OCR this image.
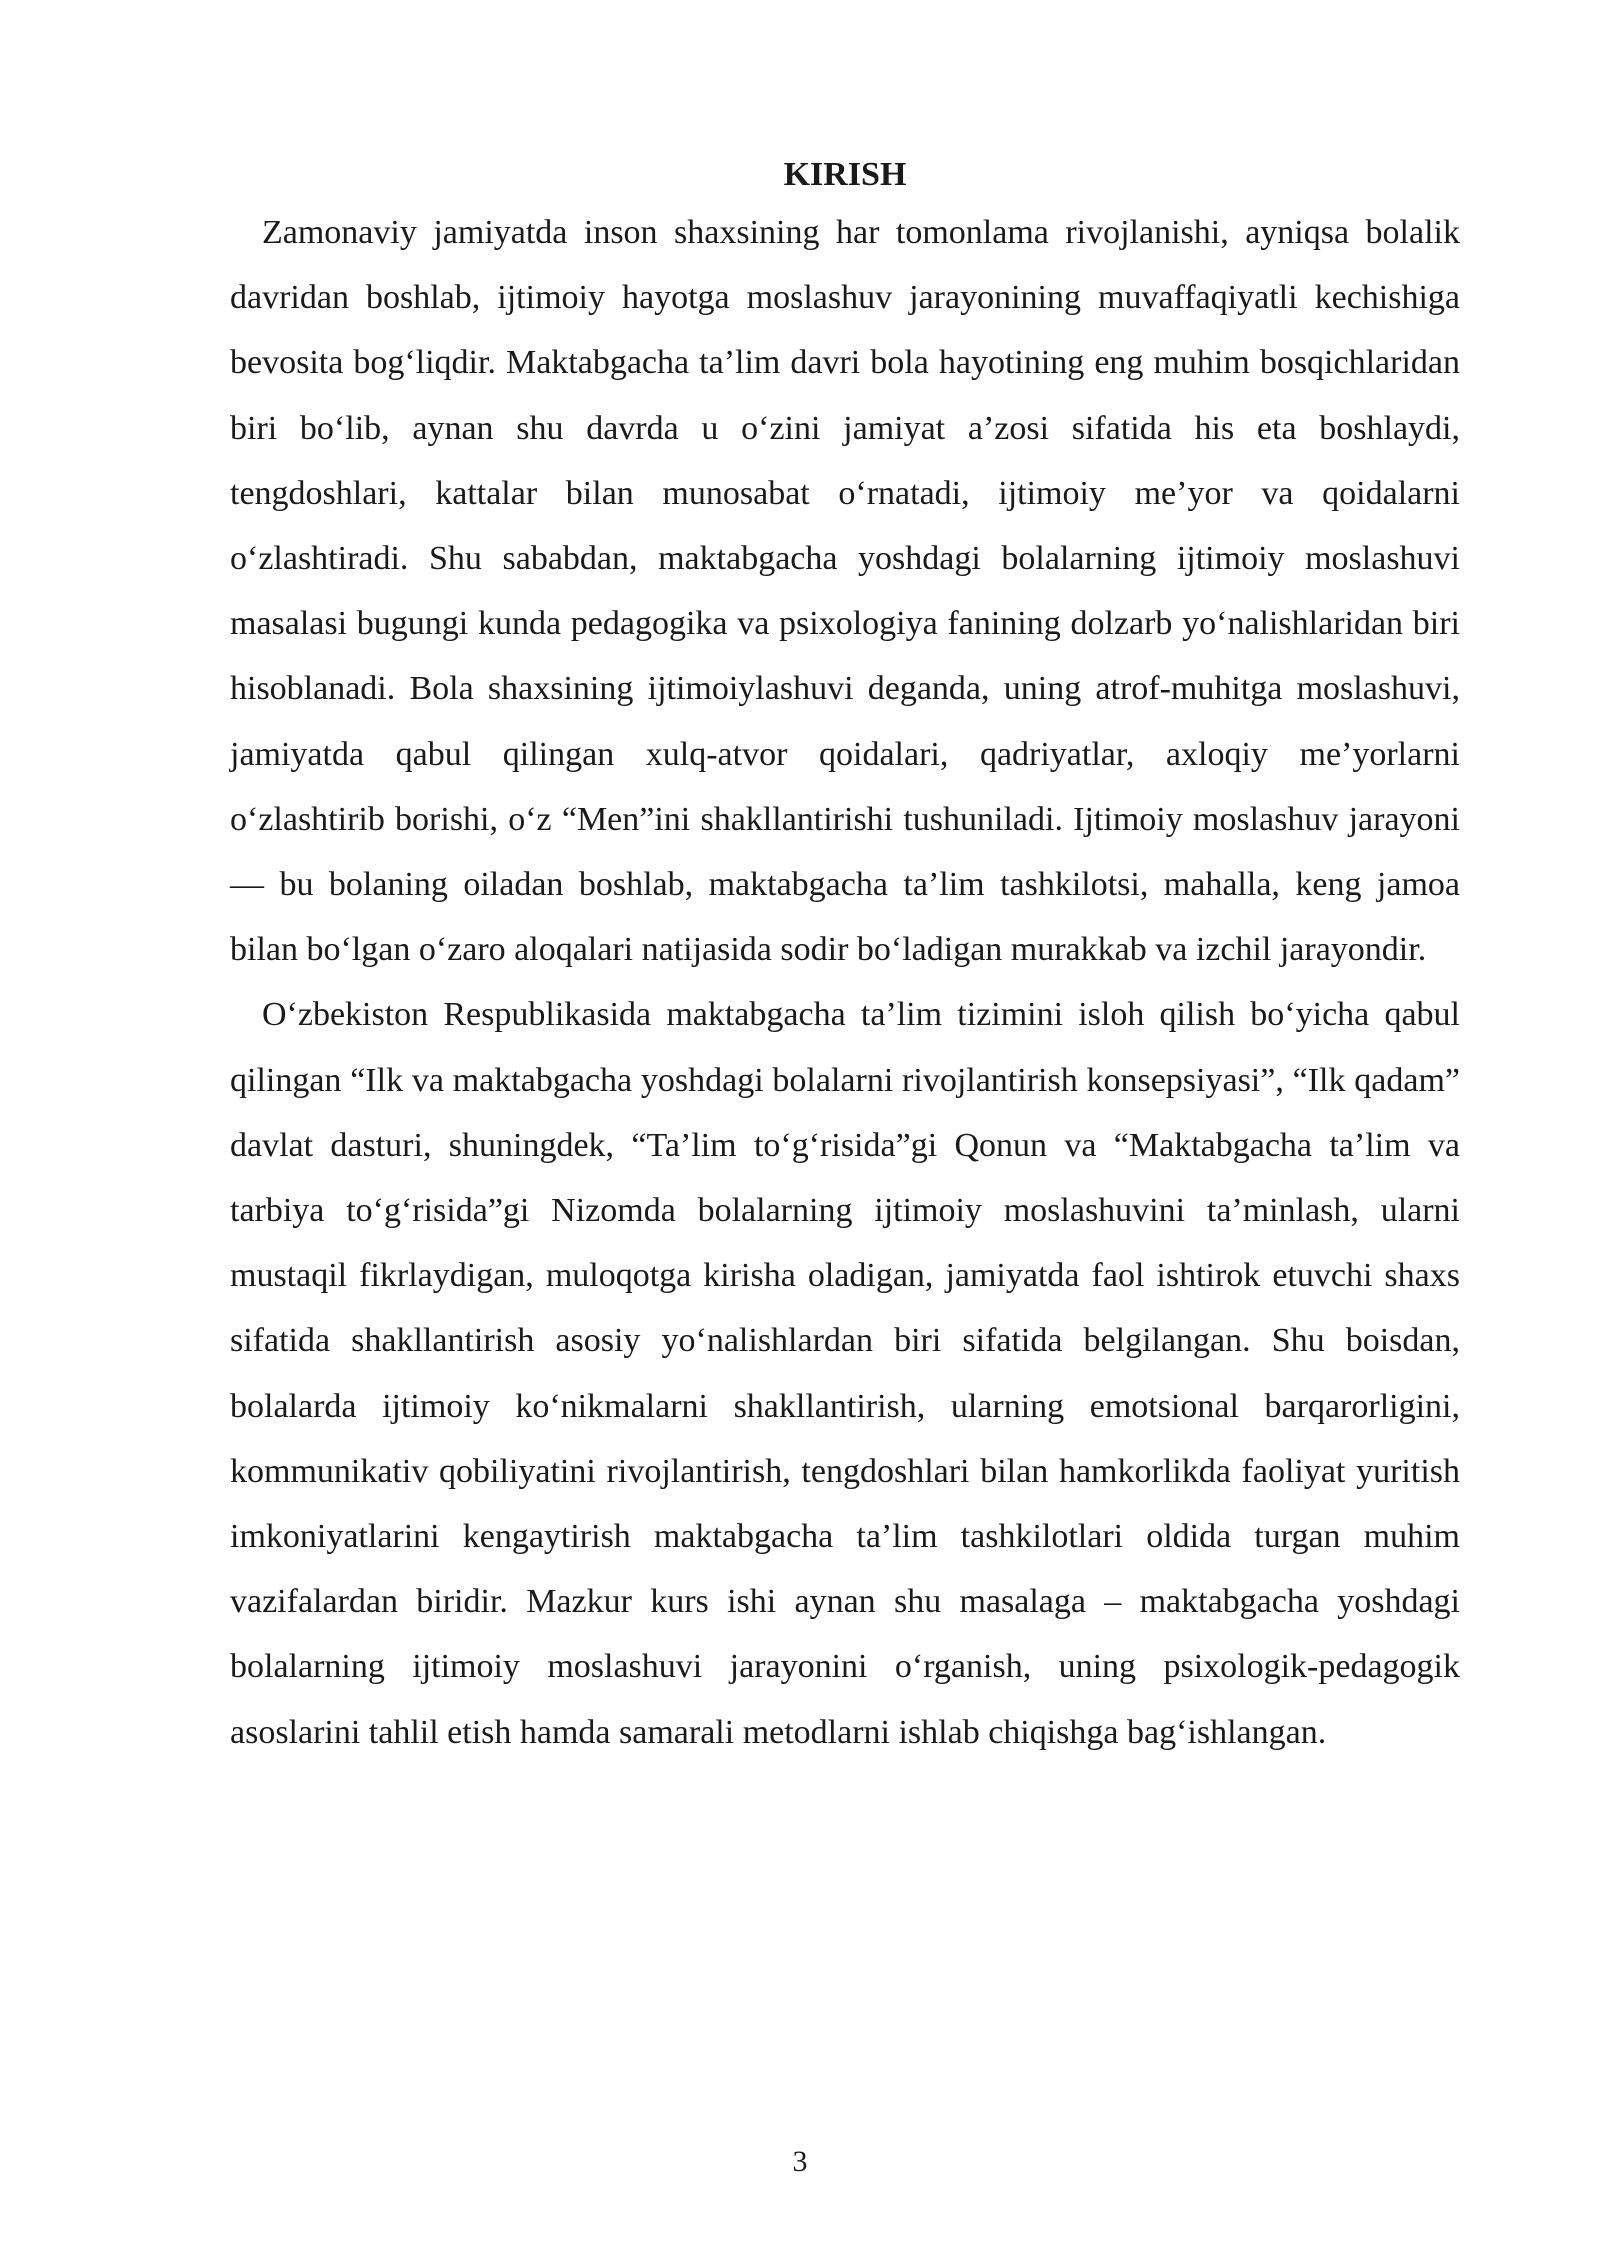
KIRISH

Zamonaviy jamiyatda inson shaxsining har tomonlama rivojlanishi, ayniqsa bolalik davridan boshlab, ijtimoiy hayotga moslashuv jarayonining muvaffaqiyatli kechishiga bevosita bog‘liqdir. Maktabgacha ta’lim davri bola hayotining eng muhim bosqichlaridan biri bo‘lib, aynan shu davrda u o‘zini jamiyat a’zosi sifatida his eta boshlaydi, tengdoshlari, kattalar bilan munosabat o‘rnatadi, ijtimoiy me’yor va qoidalarni o‘zlashtiradi. Shu sababdan, maktabgacha yoshdagi bolalarning ijtimoiy moslashuvi masalasi bugungi kunda pedagogika va psixologiya fanining dolzarb yo‘nalishlaridan biri hisoblanadi. Bola shaxsining ijtimoiylashuvi deganda, uning atrof-muhitga moslashuvi, jamiyatda qabul qilingan xulq-atvor qoidalari, qadriyatlar, axloqiy me’yorlarni o‘zlashtirib borishi, o‘z “Men”ini shakllantirishi tushuniladi. Ijtimoiy moslashuv jarayoni — bu bolaning oiladan boshlab, maktabgacha ta’lim tashkilotsi, mahalla, keng jamoa bilan bo‘lgan o‘zaro aloqalari natijasida sodir bo‘ladigan murakkab va izchil jarayondir.

O‘zbekiston Respublikasida maktabgacha ta’lim tizimini isloh qilish bo‘yicha qabul qilingan “Ilk va maktabgacha yoshdagi bolalarni rivojlantirish konsepsiyasi”, “Ilk qadam” davlat dasturi, shuningdek, “Ta’lim to‘g‘risida”gi Qonun va “Maktabgacha ta’lim va tarbiya to‘g‘risida”gi Nizomda bolalarning ijtimoiy moslashuvini ta’minlash, ularni mustaqil fikrlaydigan, muloqotga kirisha oladigan, jamiyatda faol ishtirok etuvchi shaxs sifatida shakllantirish asosiy yo‘nalishlardan biri sifatida belgilangan. Shu boisdan, bolalarda ijtimoiy ko‘nikmalarni shakllantirish, ularning emotsional barqarorligini, kommunikativ qobiliyatini rivojlantirish, tengdoshlari bilan hamkorlikda faoliyat yuritish imkoniyatlarini kengaytirish maktabgacha ta’lim tashkilotlari oldida turgan muhim vazifalardan biridir. Mazkur kurs ishi aynan shu masalaga – maktabgacha yoshdagi bolalarning ijtimoiy moslashuvi jarayonini o‘rganish, uning psixologik-pedagogik asoslarini tahlil etish hamda samarali metodlarni ishlab chiqishga bag‘ishlangan.

3
